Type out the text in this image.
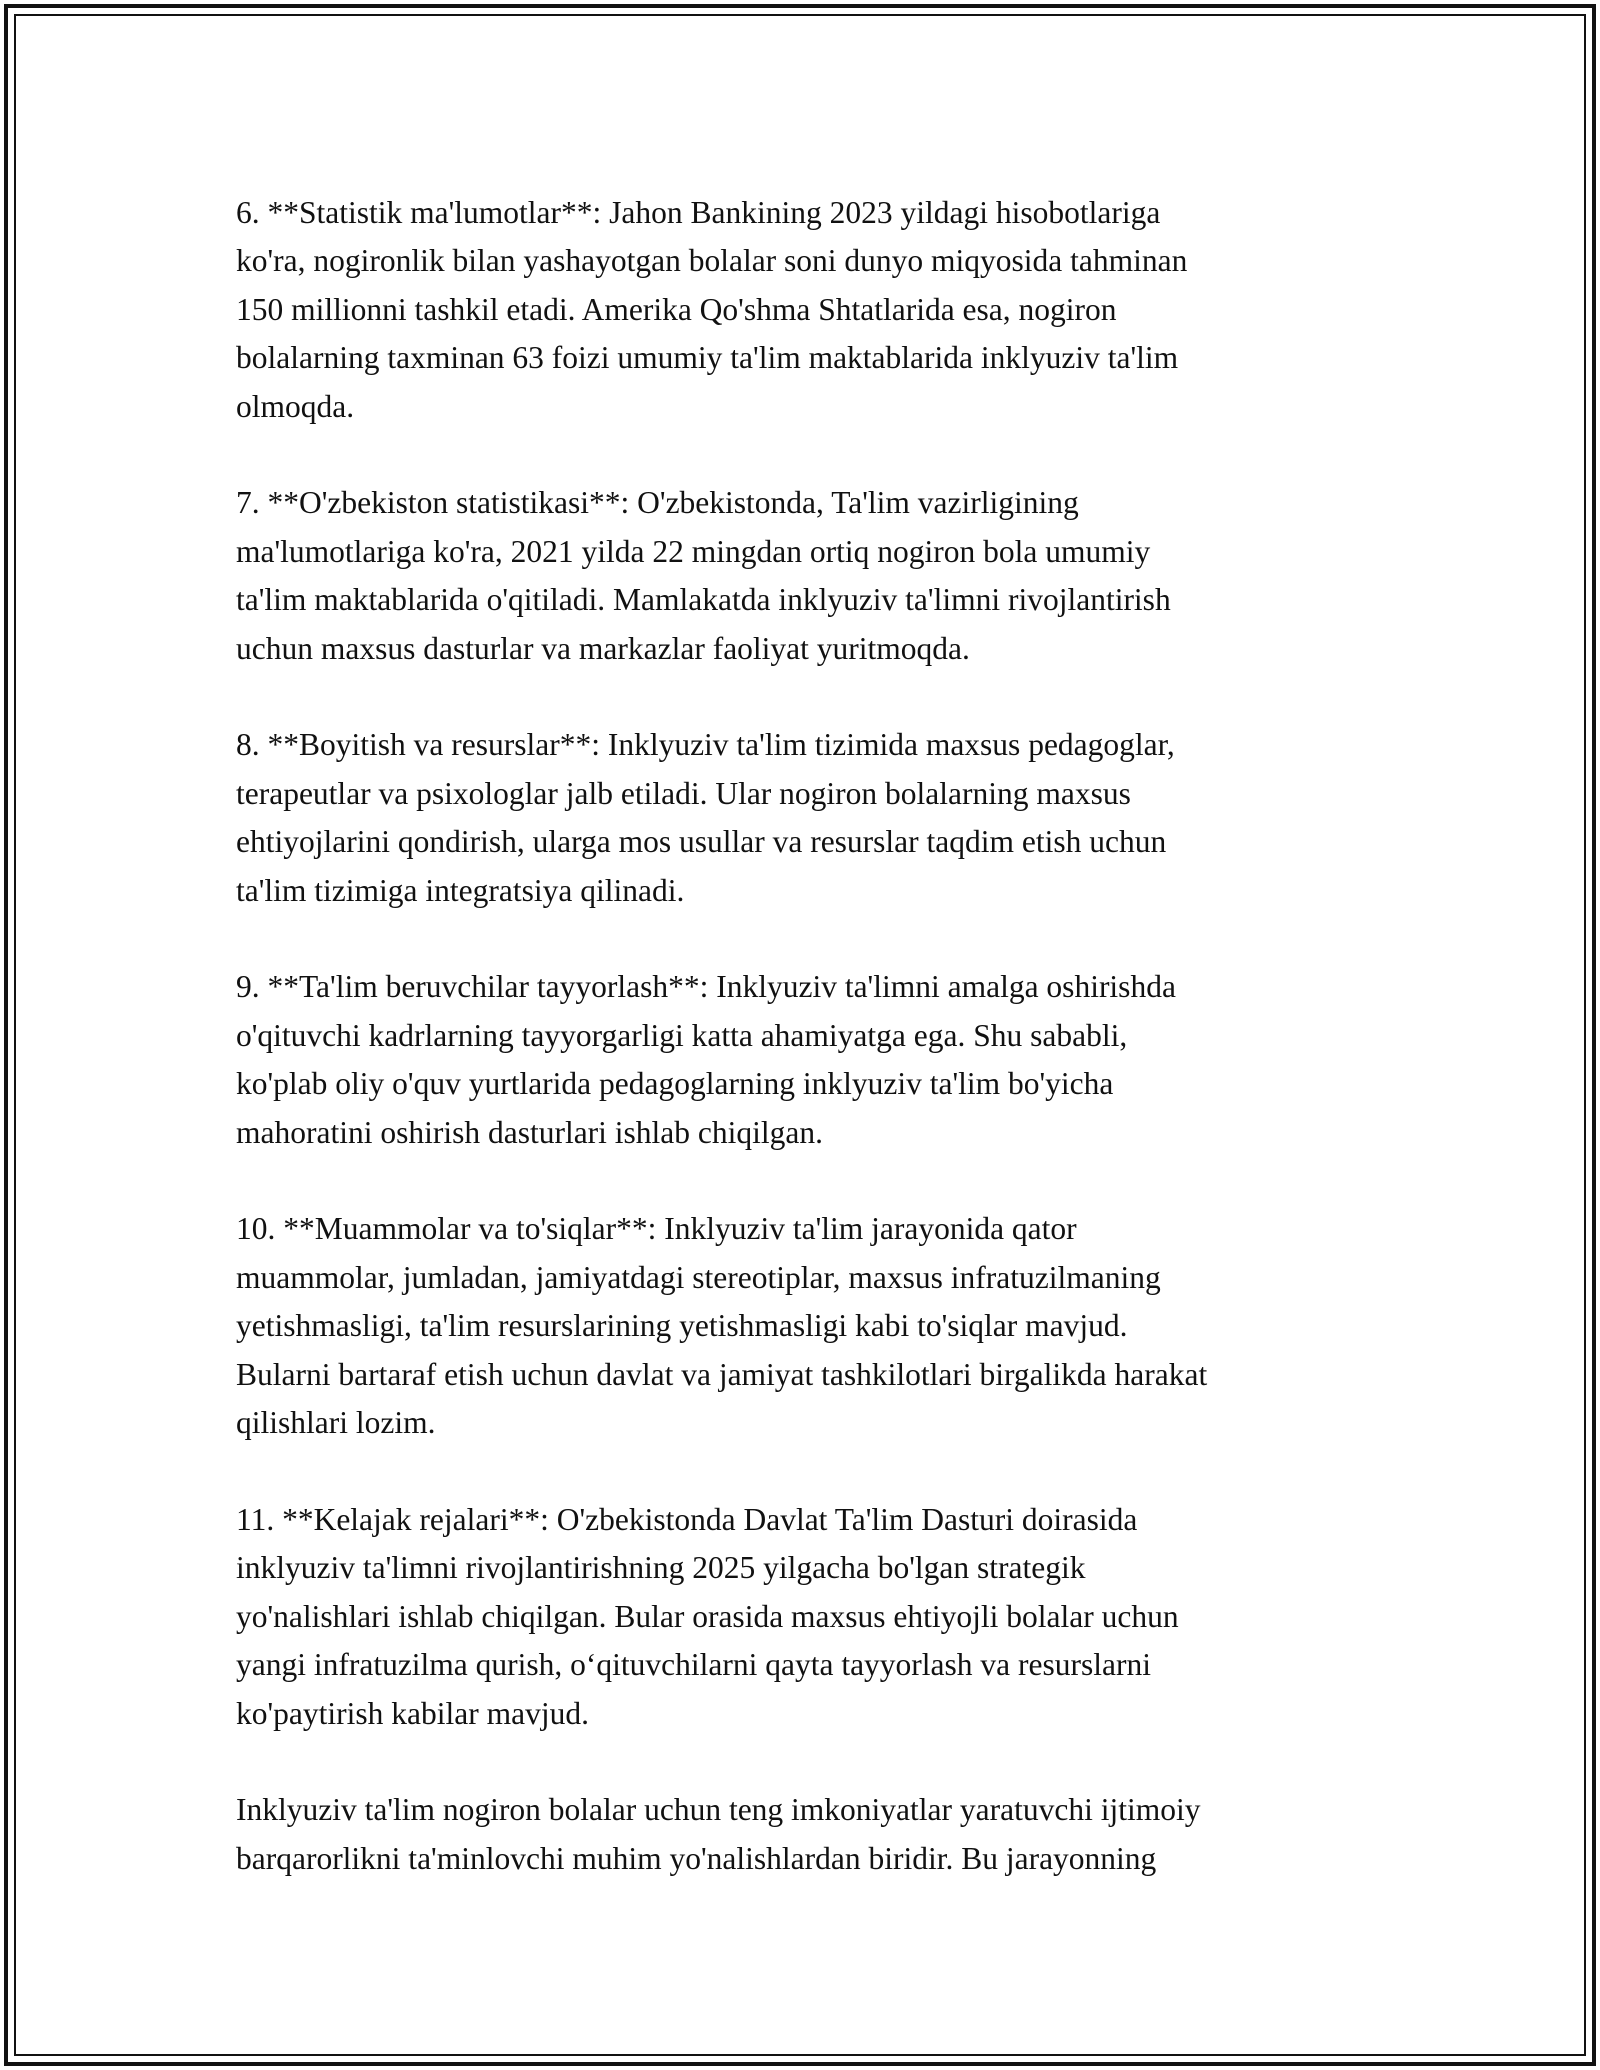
6. **Statistik ma'lumotlar**: Jahon Bankining 2023 yildagi hisobotlariga
ko'ra, nogironlik bilan yashayotgan bolalar soni dunyo miqyosida tahminan
150 millionni tashkil etadi. Amerika Qo'shma Shtatlarida esa, nogiron
bolalarning taxminan 63 foizi umumiy ta'lim maktablarida inklyuziv ta'lim
olmoqda.

7. **O'zbekiston statistikasi**: O'zbekistonda, Ta'lim vazirligining
ma'lumotlariga ko'ra, 2021 yilda 22 mingdan ortiq nogiron bola umumiy
ta'lim maktablarida o'qitiladi. Mamlakatda inklyuziv ta'limni rivojlantirish
uchun maxsus dasturlar va markazlar faoliyat yuritmoqda.

8. **Boyitish va resurslar**: Inklyuziv ta'lim tizimida maxsus pedagoglar,
terapeutlar va psixologlar jalb etiladi. Ular nogiron bolalarning maxsus
ehtiyojlarini qondirish, ularga mos usullar va resurslar taqdim etish uchun
ta'lim tizimiga integratsiya qilinadi.

9. **Ta'lim beruvchilar tayyorlash**: Inklyuziv ta'limni amalga oshirishda
o'qituvchi kadrlarning tayyorgarligi katta ahamiyatga ega. Shu sababli,
ko'plab oliy o'quv yurtlarida pedagoglarning inklyuziv ta'lim bo'yicha
mahoratini oshirish dasturlari ishlab chiqilgan.

10. **Muammolar va to'siqlar**: Inklyuziv ta'lim jarayonida qator
muammolar, jumladan, jamiyatdagi stereotiplar, maxsus infratuzilmaning
yetishmasligi, ta'lim resurslarining yetishmasligi kabi to'siqlar mavjud.
Bularni bartaraf etish uchun davlat va jamiyat tashkilotlari birgalikda harakat
qilishlari lozim.

11. **Kelajak rejalari**: O'zbekistonda Davlat Ta'lim Dasturi doirasida
inklyuziv ta'limni rivojlantirishning 2025 yilgacha bo'lgan strategik
yo'nalishlari ishlab chiqilgan. Bular orasida maxsus ehtiyojli bolalar uchun
yangi infratuzilma qurish, o‘qituvchilarni qayta tayyorlash va resurslarni
ko'paytirish kabilar mavjud.

Inklyuziv ta'lim nogiron bolalar uchun teng imkoniyatlar yaratuvchi ijtimoiy
barqarorlikni ta'minlovchi muhim yo'nalishlardan biridir. Bu jarayonning
